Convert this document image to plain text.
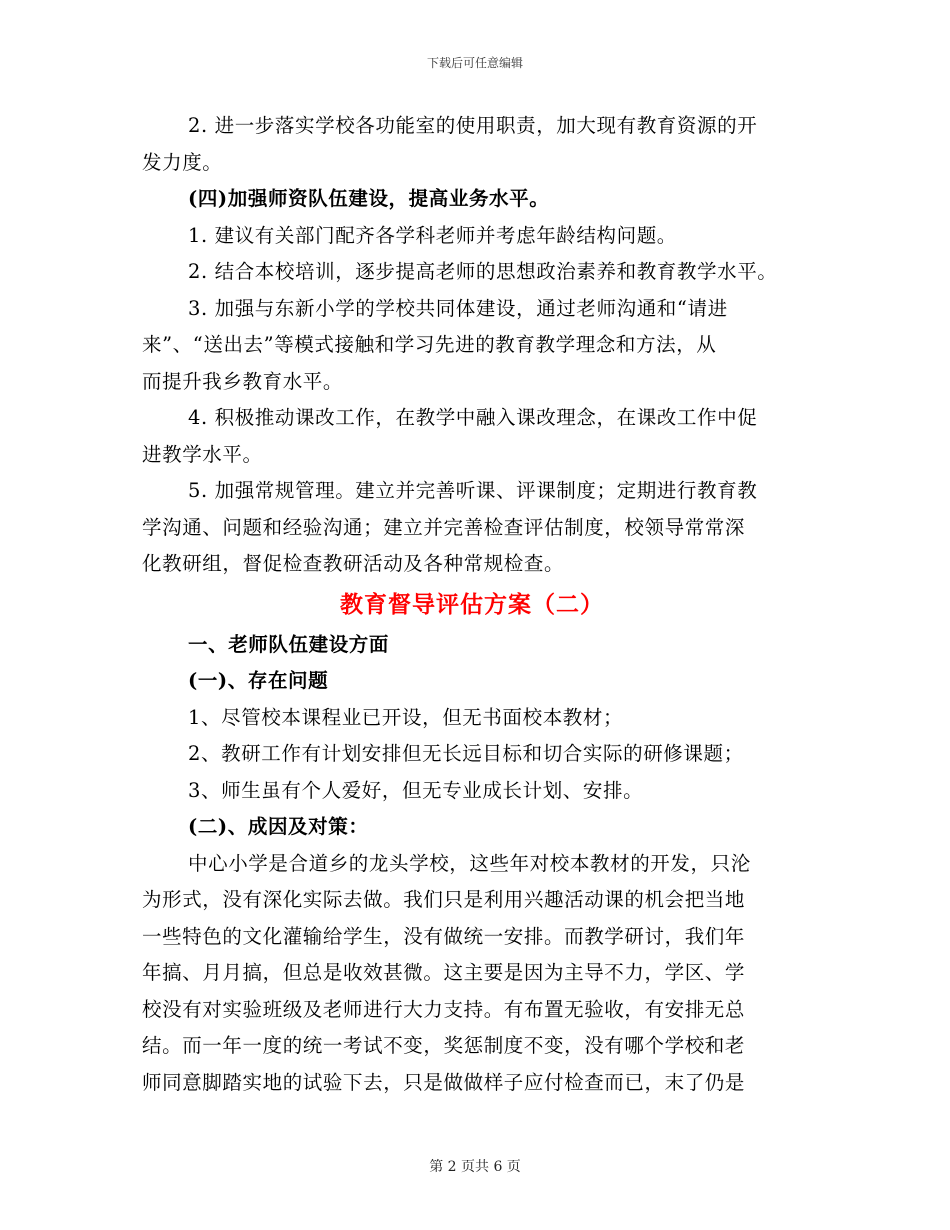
下载后可任意编辑
2. 进一步落实学校各功能室的使用职责，加大现有教育资源的开
发力度。
(四)加强师资队伍建设，提高业务水平。
1. 建议有关部门配齐各学科老师并考虑年龄结构问题。
2. 结合本校培训，逐步提高老师的思想政治素养和教育教学水平。
3. 加强与东新小学的学校共同体建设，通过老师沟通和“请进
来”、“送出去”等模式接触和学习先进的教育教学理念和方法，从
而提升我乡教育水平。
4. 积极推动课改工作，在教学中融入课改理念，在课改工作中促
进教学水平。
5. 加强常规管理。建立并完善听课、评课制度；定期进行教育教
学沟通、问题和经验沟通；建立并完善检查评估制度，校领导常常深
化教研组，督促检查教研活动及各种常规检查。
教育督导评估方案（二）
一、老师队伍建设方面
(一)、存在问题
1、尽管校本课程业已开设，但无书面校本教材；
2、教研工作有计划安排但无长远目标和切合实际的研修课题；
3、师生虽有个人爱好，但无专业成长计划、安排。
(二)、成因及对策：
中心小学是合道乡的龙头学校，这些年对校本教材的开发，只沦
为形式，没有深化实际去做。我们只是利用兴趣活动课的机会把当地
一些特色的文化灌输给学生，没有做统一安排。而教学研讨，我们年
年搞、月月搞，但总是收效甚微。这主要是因为主导不力，学区、学
校没有对实验班级及老师进行大力支持。有布置无验收，有安排无总
结。而一年一度的统一考试不变，奖惩制度不变，没有哪个学校和老
师同意脚踏实地的试验下去，只是做做样子应付检查而已，末了仍是
第 2 页共 6 页
